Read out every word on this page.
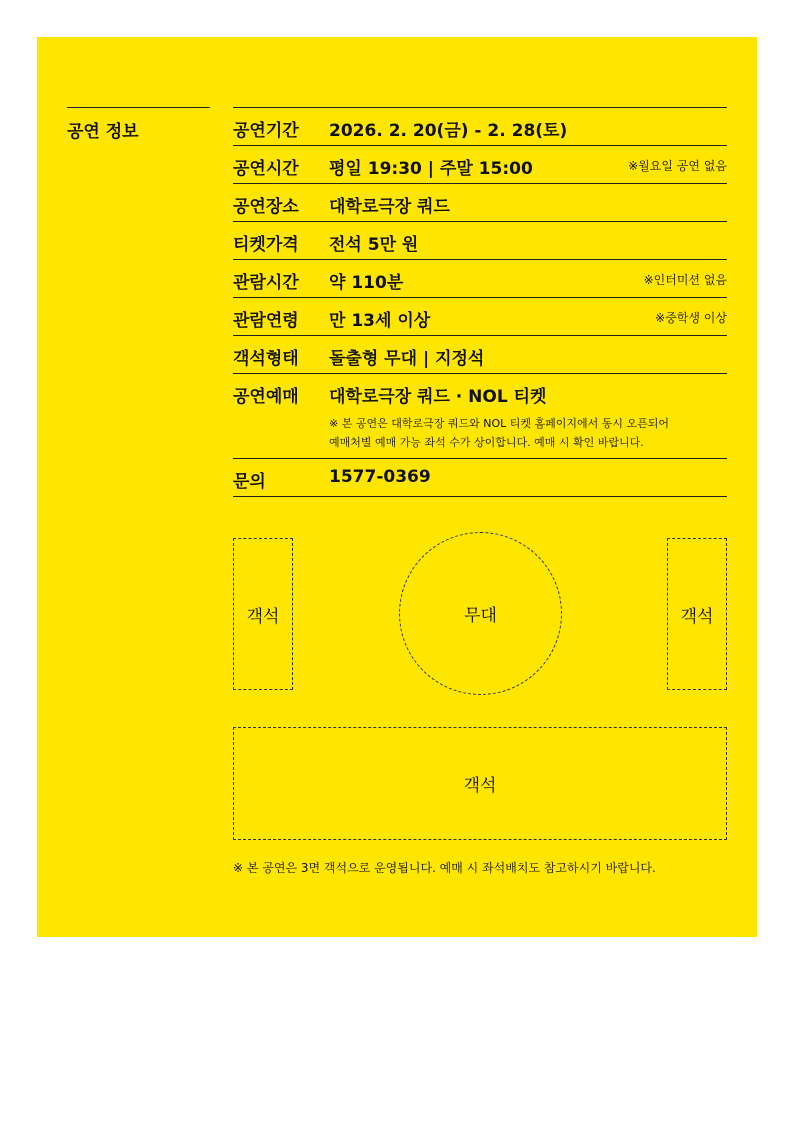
공연 정보	공연기간 2026. 2. 20(금) - 2. 28(토)
공연시간 평일 19:30 | 주말 15:00	※월요일 공연 없음
공연장소 대학로극장 쿼드
티켓가격 전석 5만 원
관람시간 약 110분	※인터미션 없음
관람연령 만 13세 이상	※중학생 이상
객석형태 돌출형 무대 | 지정석
공연예매 대학로극장 쿼드 · NOL 티켓
※ 본 공연은 대학로극장 쿼드와 NOL 티켓 홈페이지에서 동시 오픈되어
예매처별 예매 가능 좌석 수가 상이합니다. 예매 시 확인 바랍니다.
문의	1577-0369
객석	무대	객석
객석
※ 본 공연은 3면 객석으로 운영됩니다. 예매 시 좌석배치도 참고하시기 바랍니다.
